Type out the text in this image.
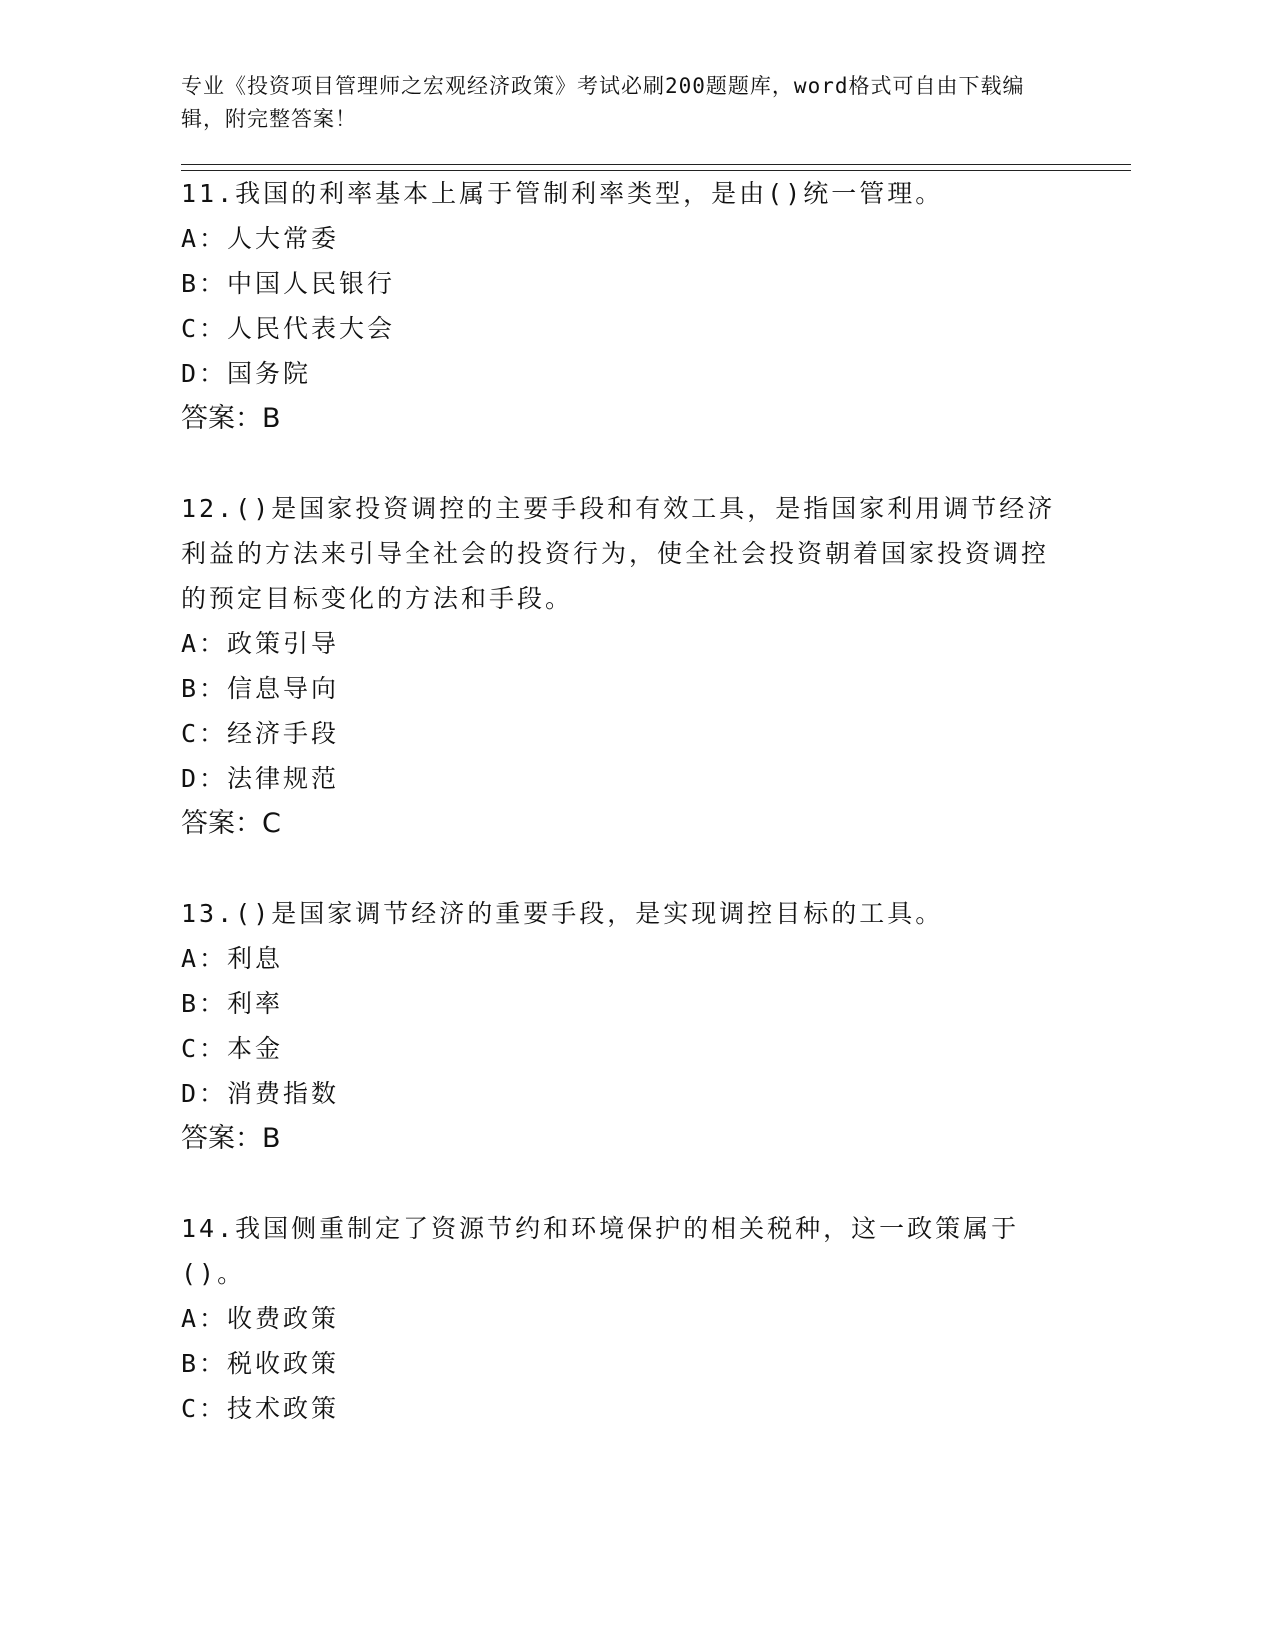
专业《投资项目管理师之宏观经济政策》考试必刷200题题库，word格式可自由下载编辑，附完整答案！
11.我国的利率基本上属于管制利率类型，是由()统一管理。
A：人大常委
B：中国人民银行
C：人民代表大会
D：国务院
答案：B
12.()是国家投资调控的主要手段和有效工具，是指国家利用调节经济利益的方法来引导全社会的投资行为，使全社会投资朝着国家投资调控的预定目标变化的方法和手段。
A：政策引导
B：信息导向
C：经济手段
D：法律规范
答案：C
13.()是国家调节经济的重要手段，是实现调控目标的工具。
A：利息
B：利率
C：本金
D：消费指数
答案：B
14.我国侧重制定了资源节约和环境保护的相关税种，这一政策属于()。
A：收费政策
B：税收政策
C：技术政策
